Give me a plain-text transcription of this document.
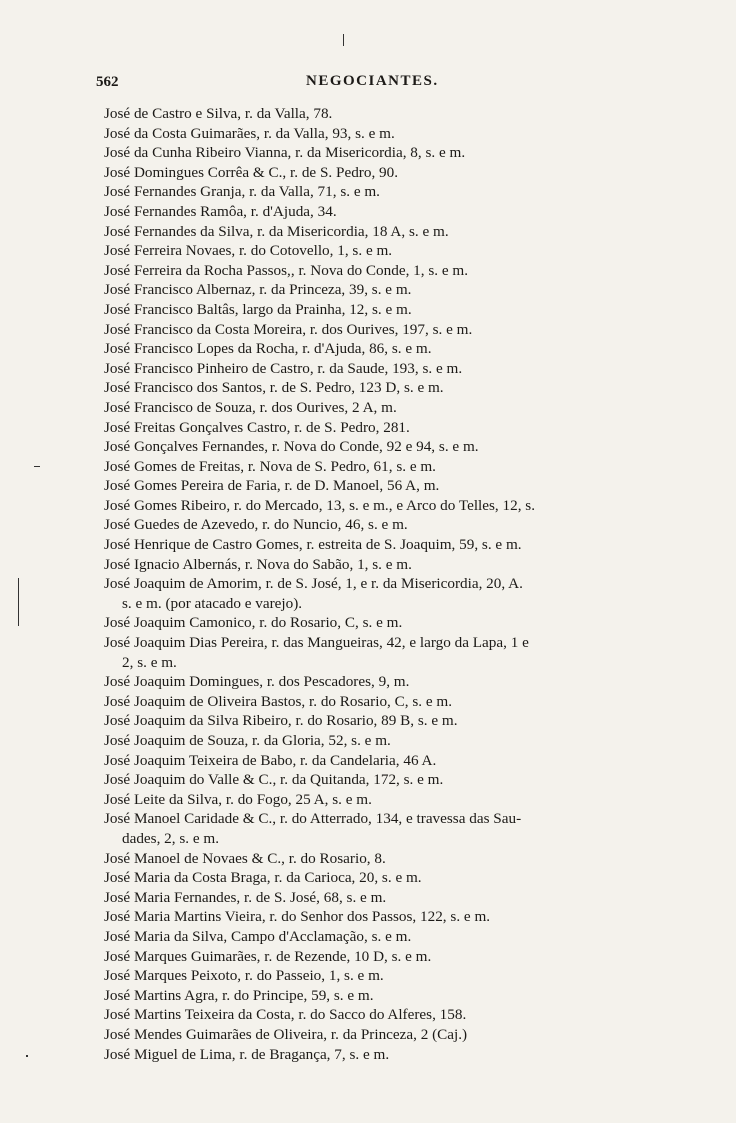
562	NEGOCIANTES.
José de Castro e Silva, r. da Valla, 78.
José da Costa Guimarães, r. da Valla, 93, s. e m.
José da Cunha Ribeiro Vianna, r. da Misericordia, 8, s. e m.
José Domingues Corrêa & C., r. de S. Pedro, 90.
José Fernandes Granja, r. da Valla, 71, s. e m.
José Fernandes Ramôa, r. d'Ajuda, 34.
José Fernandes da Silva, r. da Misericordia, 18 A, s. e m.
José Ferreira Novaes, r. do Cotovello, 1, s. e m.
José Ferreira da Rocha Passos,, r. Nova do Conde, 1, s. e m.
José Francisco Albernaz, r. da Princeza, 39, s. e m.
José Francisco Baltâs, largo da Prainha, 12, s. e m.
José Francisco da Costa Moreira, r. dos Ourives, 197, s. e m.
José Francisco Lopes da Rocha, r. d'Ajuda, 86, s. e m.
José Francisco Pinheiro de Castro, r. da Saude, 193, s. e m.
José Francisco dos Santos, r. de S. Pedro, 123 D, s. e m.
José Francisco de Souza, r. dos Ourives, 2 A, m.
José Freitas Gonçalves Castro, r. de S. Pedro, 281.
José Gonçalves Fernandes, r. Nova do Conde, 92 e 94, s. e m.
José Gomes de Freitas, r. Nova de S. Pedro, 61, s. e m.
José Gomes Pereira de Faria, r. de D. Manoel, 56 A, m.
José Gomes Ribeiro, r. do Mercado, 13, s. e m., e Arco do Telles, 12, s.
José Guedes de Azevedo, r. do Nuncio, 46, s. e m.
José Henrique de Castro Gomes, r. estreita de S. Joaquim, 59, s. e m.
José Ignacio Albernás, r. Nova do Sabão, 1, s. e m.
José Joaquim de Amorim, r. de S. José, 1, e r. da Misericordia, 20, A.
s. e m. (por atacado e varejo).
José Joaquim Camonico, r. do Rosario, C, s. e m.
José Joaquim Dias Pereira, r. das Mangueiras, 42, e largo da Lapa, 1 e
2, s. e m.
José Joaquim Domingues, r. dos Pescadores, 9, m.
José Joaquim de Oliveira Bastos, r. do Rosario, C, s. e m.
José Joaquim da Silva Ribeiro, r. do Rosario, 89 B, s. e m.
José Joaquim de Souza, r. da Gloria, 52, s. e m.
José Joaquim Teixeira de Babo, r. da Candelaria, 46 A.
José Joaquim do Valle & C., r. da Quitanda, 172, s. e m.
José Leite da Silva, r. do Fogo, 25 A, s. e m.
José Manoel Caridade & C., r. do Atterrado, 134, e travessa das Sau-
dades, 2, s. e m.
José Manoel de Novaes & C., r. do Rosario, 8.
José Maria da Costa Braga, r. da Carioca, 20, s. e m.
José Maria Fernandes, r. de S. José, 68, s. e m.
José Maria Martins Vieira, r. do Senhor dos Passos, 122, s. e m.
José Maria da Silva, Campo d'Acclamação, s. e m.
José Marques Guimarães, r. de Rezende, 10 D, s. e m.
José Marques Peixoto, r. do Passeio, 1, s. e m.
José Martins Agra, r. do Principe, 59, s. e m.
José Martins Teixeira da Costa, r. do Sacco do Alferes, 158.
José Mendes Guimarães de Oliveira, r. da Princeza, 2 (Caj.)
José Miguel de Lima, r. de Bragança, 7, s. e m.
